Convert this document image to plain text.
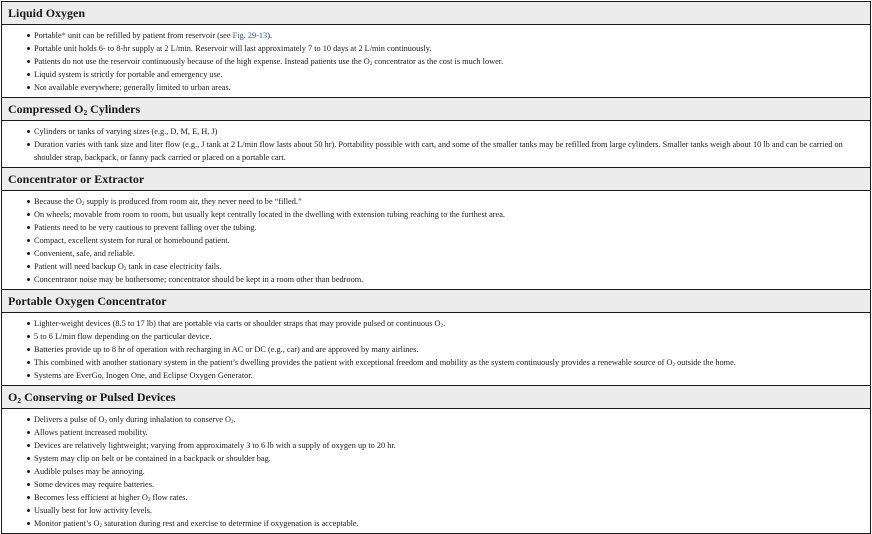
Liquid Oxygen
Portable* unit can be refilled by patient from reservoir (see Fig. 29-13).
Portable unit holds 6- to 8-hr supply at 2 L/min. Reservoir will last approximately 7 to 10 days at 2 L/min continuously.
Patients do not use the reservoir continuously because of the high expense. Instead patients use the $O_2$ concentrator as the cost is much lower.
Liquid system is strictly for portable and emergency use.
Not available everywhere; generally limited to urban areas.
Compressed $O_2$ Cylinders
Cylinders or tanks of varying sizes (e.g., D, M, E, H, J)
Duration varies with tank size and liter flow (e.g., J tank at 2 L/min flow lasts about 50 hr). Portability possible with cart, and some of the smaller tanks may be refilled from large cylinders. Smaller tanks weigh about 10 lb and can be carried on shoulder strap, backpack, or fanny pack carried or placed on a portable cart.
Concentrator or Extractor
Because the $O_2$ supply is produced from room air, they never need to be “filled.”
On wheels; movable from room to room, but usually kept centrally located in the dwelling with extension tubing reaching to the furthest area.
Patients need to be very cautious to prevent falling over the tubing.
Compact, excellent system for rural or homebound patient.
Convenient, safe, and reliable.
Patient will need backup $O_2$ tank in case electricity fails.
Concentrator noise may be bothersome; concentrator should be kept in a room other than bedroom.
Portable Oxygen Concentrator
Lighter-weight devices (8.5 to 17 lb) that are portable via carts or shoulder straps that may provide pulsed or continuous $O_2$.
5 to 6 L/min flow depending on the particular device.
Batteries provide up to 8 hr of operation with recharging in AC or DC (e.g., car) and are approved by many airlines.
This combined with another stationary system in the patient’s dwelling provides the patient with exceptional freedom and mobility as the system continuously provides a renewable source of $O_2$ outside the home.
Systems are EverGo, Inogen One, and Eclipse Oxygen Generator.
$O_2$ Conserving or Pulsed Devices
Delivers a pulse of $O_2$ only during inhalation to conserve $O_2$.
Allows patient increased mobility.
Devices are relatively lightweight; varying from approximately 3 to 6 lb with a supply of oxygen up to 20 hr.
System may clip on belt or be contained in a backpack or shoulder bag.
Audible pulses may be annoying.
Some devices may require batteries.
Becomes less efficient at higher $O_2$ flow rates.
Usually best for low activity levels.
Monitor patient’s $O_2$ saturation during rest and exercise to determine if oxygenation is acceptable.
